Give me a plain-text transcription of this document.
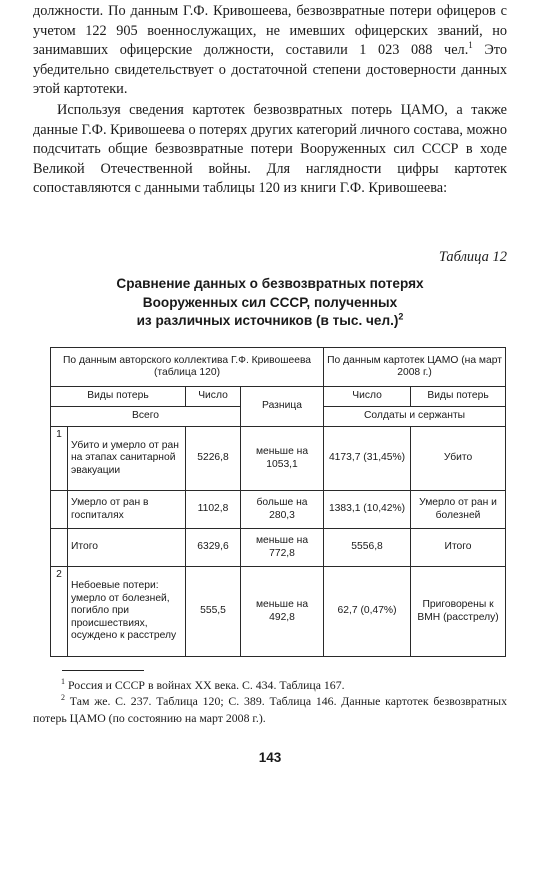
должности. По данным Г.Ф. Кривошеева, безвозвратные потери офицеров с учетом 122 905 военнослужащих, не имевших офицерских званий, но занимавших офицерские должности, составили 1 023 088 чел.$^1$ Это убедительно свидетельствует о достаточной степени достоверности данных этой картотеки.

Используя сведения картотек безвозвратных потерь ЦАМО, а также данные Г.Ф. Кривошеева о потерях других категорий личного состава, можно подсчитать общие безвозвратные потери Вооруженных сил СССР в ходе Великой Отечественной войны. Для наглядности цифры картотек сопоставляются с данными таблицы 120 из книги Г.Ф. Кривошеева:

Таблица 12
Сравнение данных о безвозвратных потерях
Вооруженных сил СССР, полученных
из различных источников (в тыс. чел.)$^2$
По данным авторского коллектива Г.Ф. Кривошеева (таблица 120)				По данным картотек ЦАМО (на март 2008 г.)	
Виды потерь		Число	Разница	Число	Виды потерь
Всего				Солдаты и сержанты	
1	Убито и умерло от ран на этапах санитарной эвакуации	5226,8	меньше на 1053,1	4173,7 (31,45%)	Убито
	Умерло от ран в госпиталях	1102,8	больше на 280,3	1383,1 (10,42%)	Умерло от ран и болезней
	Итого	6329,6	меньше на 772,8	5556,8	Итого
2	Небоевые потери: умерло от болезней, погибло при происшествиях, осуждено к расстрелу	555,5	меньше на 492,8	62,7 (0,47%)	Приговорены к ВМН (расстрелу)

$^1$ Россия и СССР в войнах XX века. С. 434. Таблица 167.

$^2$ Там же. С. 237. Таблица 120; С. 389. Таблица 146. Данные картотек безвозвратных потерь ЦАМО (по состоянию на март 2008 г.).

143
